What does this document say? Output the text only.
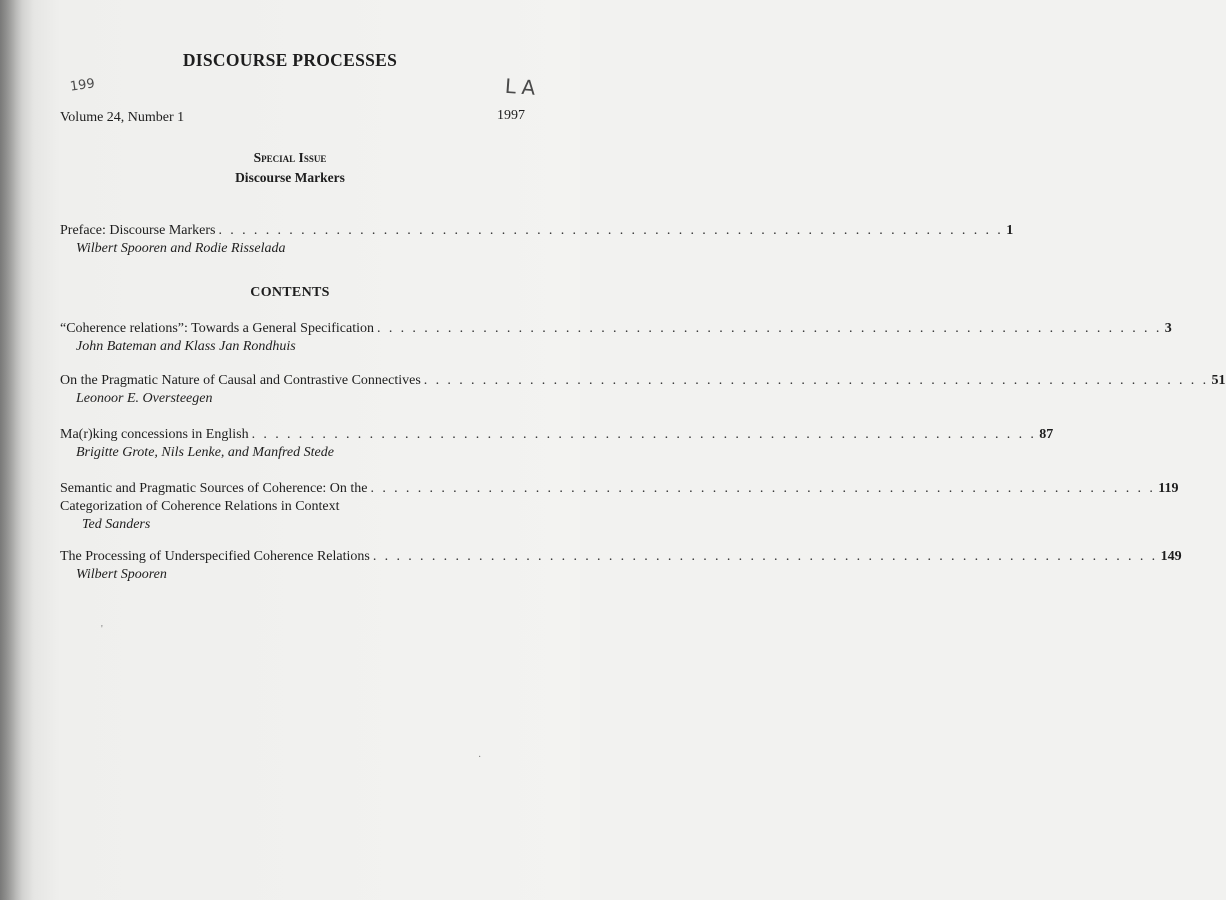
DISCOURSE PROCESSES
199	LA
Volume 24, Number 1	1997
Special Issue
Discourse Markers
Preface: Discourse Markers . . . . . . . . . . . . . . . . . . . . . . . . . . . . . . . . . . . . . . . . . . . . . . . . . . . . . . . . . . . . . . . . . . . 1
Wilbert Spooren and Rodie Risselada
CONTENTS
“Coherence relations”: Towards a General Specification . . . . . . . . . . . . . . . . . . . . . . . . . . . . . . . . . . . . . . . . . . . . . . . . . . . . . . . . . . . . . . . . . . . 3
John Bateman and Klass Jan Rondhuis
On the Pragmatic Nature of Causal and Contrastive Connectives . . . . . . . . . . . . . . . . . . . . . . . . . . . . . . . . . . . . . . . . . . . . . . . . . . . . . . . . . . . . . . . . . . . 51
Leonoor E. Oversteegen
Ma(r)king concessions in English . . . . . . . . . . . . . . . . . . . . . . . . . . . . . . . . . . . . . . . . . . . . . . . . . . . . . . . . . . . . . . . . . . . 87
Brigitte Grote, Nils Lenke, and Manfred Stede
Semantic and Pragmatic Sources of Coherence: On the . . . . . . . . . . . . . . . . . . . . . . . . . . . . . . . . . . . . . . . . . . . . . . . . . . . . . . . . . . . . . . . . . . . 119
Categorization of Coherence Relations in Context
Ted Sanders
The Processing of Underspecified Coherence Relations . . . . . . . . . . . . . . . . . . . . . . . . . . . . . . . . . . . . . . . . . . . . . . . . . . . . . . . . . . . . . . . . . . . 149
Wilbert Spooren
'
·
